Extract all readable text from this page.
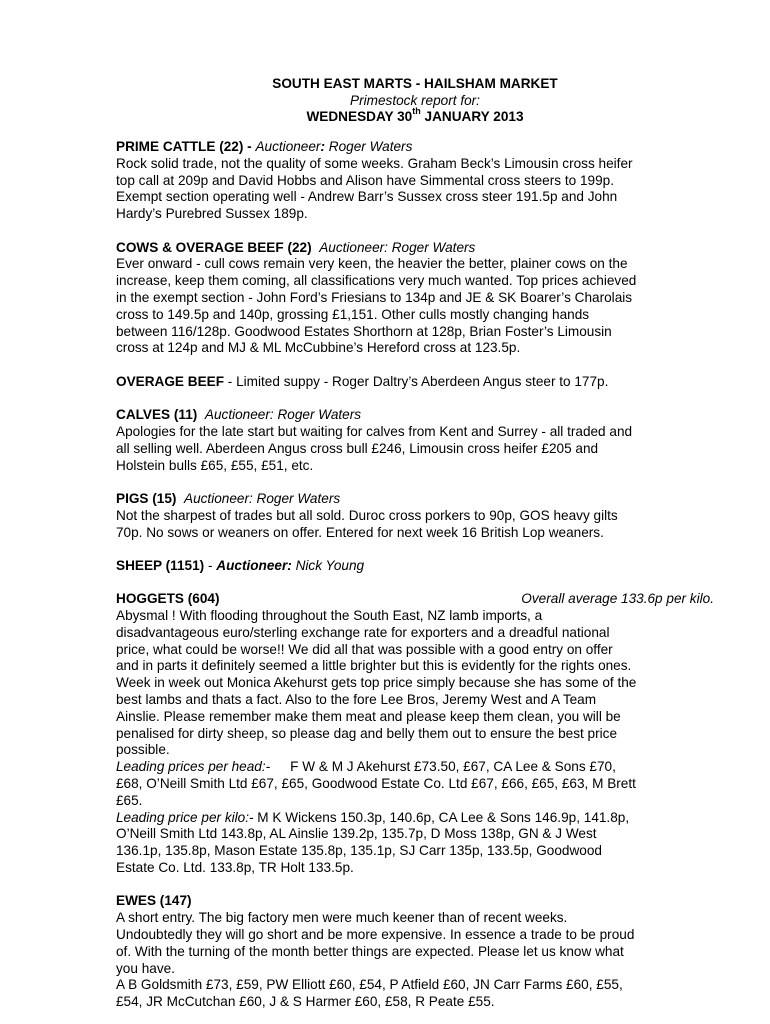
SOUTH EAST MARTS - HAILSHAM MARKET
Primestock report for:
WEDNESDAY 30th JANUARY 2013
PRIME CATTLE (22) - Auctioneer: Roger Waters
Rock solid trade, not the quality of some weeks. Graham Beck’s Limousin cross heifer
top call at 209p and David Hobbs and Alison have Simmental cross steers to 199p.
Exempt section operating well - Andrew Barr’s Sussex cross steer 191.5p and John
Hardy’s Purebred Sussex 189p.
COWS & OVERAGE BEEF (22) Auctioneer: Roger Waters
Ever onward - cull cows remain very keen, the heavier the better, plainer cows on the
increase, keep them coming, all classifications very much wanted. Top prices achieved
in the exempt section - John Ford’s Friesians to 134p and JE & SK Boarer’s Charolais
cross to 149.5p and 140p, grossing £1,151. Other culls mostly changing hands
between 116/128p. Goodwood Estates Shorthorn at 128p, Brian Foster’s Limousin
cross at 124p and MJ & ML McCubbine’s Hereford cross at 123.5p.
OVERAGE BEEF - Limited suppy - Roger Daltry’s Aberdeen Angus steer to 177p.
CALVES (11) Auctioneer: Roger Waters
Apologies for the late start but waiting for calves from Kent and Surrey - all traded and
all selling well. Aberdeen Angus cross bull £246, Limousin cross heifer £205 and
Holstein bulls £65, £55, £51, etc.
PIGS (15) Auctioneer: Roger Waters
Not the sharpest of trades but all sold. Duroc cross porkers to 90p, GOS heavy gilts
70p. No sows or weaners on offer. Entered for next week 16 British Lop weaners.
SHEEP (1151) - Auctioneer: Nick Young
HOGGETS (604)	Overall average 133.6p per kilo.
Abysmal ! With flooding throughout the South East, NZ lamb imports, a
disadvantageous euro/sterling exchange rate for exporters and a dreadful national
price, what could be worse!! We did all that was possible with a good entry on offer
and in parts it definitely seemed a little brighter but this is evidently for the rights ones.
Week in week out Monica Akehurst gets top price simply because she has some of the
best lambs and thats a fact. Also to the fore Lee Bros, Jeremy West and A Team
Ainslie. Please remember make them meat and please keep them clean, you will be
penalised for dirty sheep, so please dag and belly them out to ensure the best price
possible.
Leading prices per head:- F W & M J Akehurst £73.50, £67, CA Lee & Sons £70,
£68, O’Neill Smith Ltd £67, £65, Goodwood Estate Co. Ltd £67, £66, £65, £63, M Brett
£65.
Leading price per kilo:- M K Wickens 150.3p, 140.6p, CA Lee & Sons 146.9p, 141.8p,
O’Neill Smith Ltd 143.8p, AL Ainslie 139.2p, 135.7p, D Moss 138p, GN & J West
136.1p, 135.8p, Mason Estate 135.8p, 135.1p, SJ Carr 135p, 133.5p, Goodwood
Estate Co. Ltd. 133.8p, TR Holt 133.5p.
EWES (147)
A short entry. The big factory men were much keener than of recent weeks.
Undoubtedly they will go short and be more expensive. In essence a trade to be proud
of. With the turning of the month better things are expected. Please let us know what
you have.
A B Goldsmith £73, £59, PW Elliott £60, £54, P Atfield £60, JN Carr Farms £60, £55,
£54, JR McCutchan £60, J & S Harmer £60, £58, R Peate £55.
